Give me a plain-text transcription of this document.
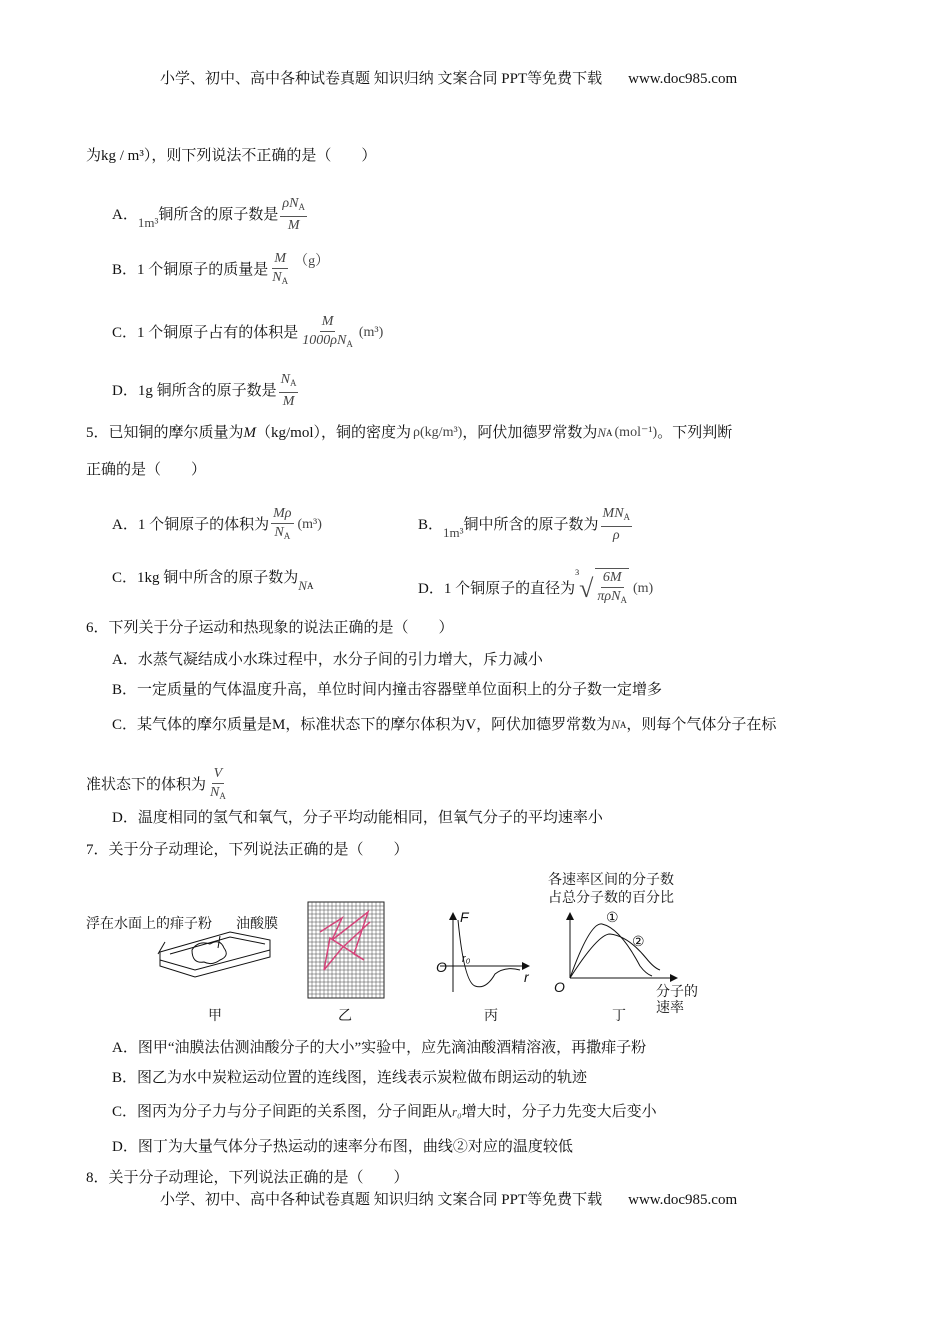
小学、初中、高中各种试卷真题 知识归纳 文案合同 PPT等免费下载 www.doc985.com
为kg / m³），则下列说法不正确的是（　　）
A． 1m³ 铜所含的原子数是 $\frac{\rho N_A}{M}$
B． 1 个铜原子的质量是 $\frac{M}{N_A} (g)$
C． 1 个铜原子占有的体积是 $\frac{M}{1000\rho N_A} (m^3)$
D． 1g 铜所含的原子数是 $\frac{N_A}{M}$
5．已知铜的摩尔质量为 M （kg/mol），铜的密度为 ρ(kg/m³) ，阿伏加德罗常数为 N A (mol⁻¹) 。下列判断
正确的是（　　）
A． 1 个铜原子的体积为 $\frac{M\rho}{N_A} (m^3)$	B． 1m³ 铜中所含的原子数为 $\frac{MN_A}{\rho}$
C． 1kg 铜中所含的原子数为 N A	D． 1 个铜原子的直径为
3
√ $\frac{6M}{\pi\rho N_A} (m)$
6．下列关于分子运动和热现象的说法正确的是（　　）
A．水蒸气凝结成小水珠过程中，水分子间的引力增大，斥力减小
B．一定质量的气体温度升高，单位时间内撞击容器壁单位面积上的分子数一定增多
C．某气体的摩尔质量是M，标准状态下的摩尔体积为V，阿伏加德罗常数为 N A ，则每个气体分子在标
准状态下的体积为 $\frac{V}{N_A}$
D．温度相同的氢气和氧气，分子平均动能相同，但氧气分子的平均速率小
7．关于分子动理论，下列说法正确的是（　　）
浮在水面上的痱子粉 油酸膜
甲	乙
F
O r₀
r
丙
各速率区间的分子数
占总分子数的百分比
①
②
O	分子的
速率
丁
A．图甲“油膜法估测油酸分子的大小”实验中，应先滴油酸酒精溶液，再撒痱子粉
B．图乙为水中炭粒运动位置的连线图，连线表示炭粒做布朗运动的轨迹
C．图丙为分子力与分子间距的关系图，分子间距从 r₀ 增大时，分子力先变大后变小
D．图丁为大量气体分子热运动的速率分布图，曲线②对应的温度较低
8．关于分子动理论，下列说法正确的是（　　）
小学、初中、高中各种试卷真题 知识归纳 文案合同 PPT等免费下载 www.doc985.com
